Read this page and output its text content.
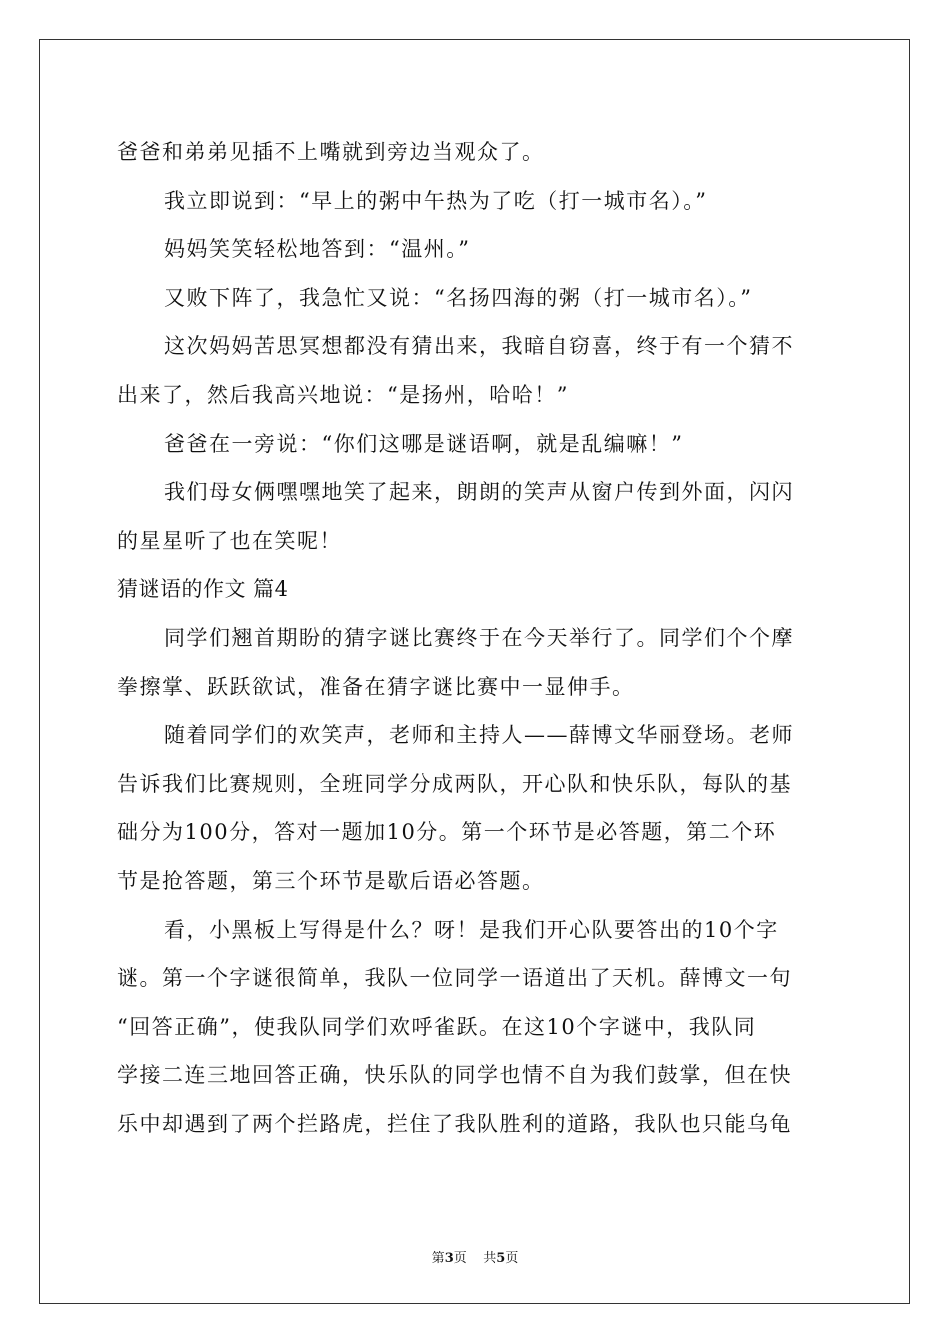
爸爸和弟弟见插不上嘴就到旁边当观众了。
我立即说到：“早上的粥中午热为了吃（打一城市名）。”
妈妈笑笑轻松地答到：“温州。”
又败下阵了，我急忙又说：“名扬四海的粥（打一城市名）。”
这次妈妈苦思冥想都没有猜出来，我暗自窃喜，终于有一个猜不
出来了，然后我高兴地说：“是扬州，哈哈！”
爸爸在一旁说：“你们这哪是谜语啊，就是乱编嘛！”
我们母女俩嘿嘿地笑了起来，朗朗的笑声从窗户传到外面，闪闪
的星星听了也在笑呢！
猜谜语的作文 篇4
同学们翘首期盼的猜字谜比赛终于在今天举行了。同学们个个摩
拳擦掌、跃跃欲试，准备在猜字谜比赛中一显伸手。
随着同学们的欢笑声，老师和主持人——薛博文华丽登场。老师
告诉我们比赛规则，全班同学分成两队，开心队和快乐队，每队的基
础分为100分，答对一题加10分。第一个环节是必答题，第二个环
节是抢答题，第三个环节是歇后语必答题。
看，小黑板上写得是什么？呀！是我们开心队要答出的10个字
谜。第一个字谜很简单，我队一位同学一语道出了天机。薛博文一句
“回答正确”，使我队同学们欢呼雀跃。在这10个字谜中，我队同
学接二连三地回答正确，快乐队的同学也情不自为我们鼓掌，但在快
乐中却遇到了两个拦路虎，拦住了我队胜利的道路，我队也只能乌龟
第3页    共5页
